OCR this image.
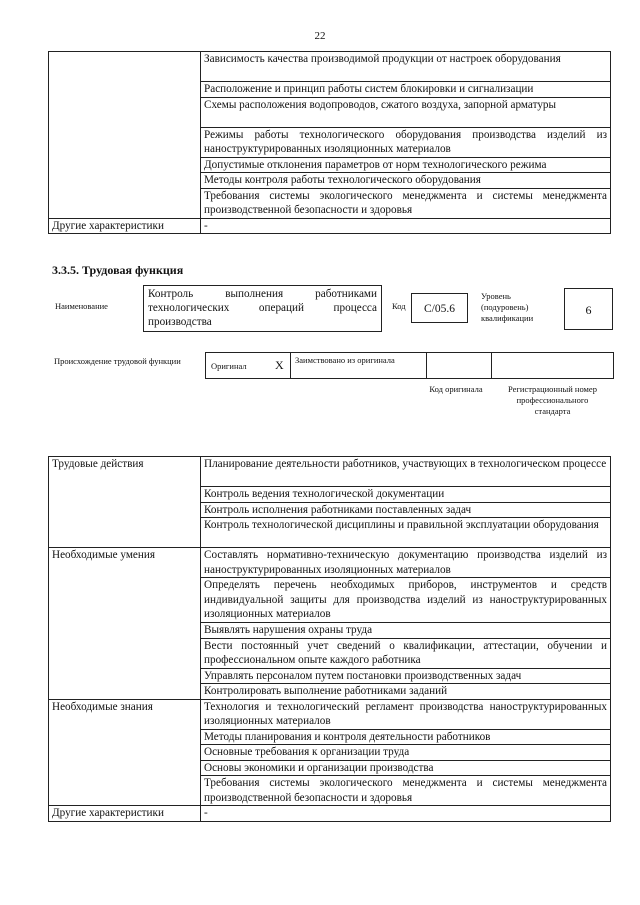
22
	Зависимость качества производимой продукции от настроек оборудования
	Расположение и принцип работы систем блокировки и сигнализации
	Схемы расположения водопроводов, сжатого воздуха, запорной арматуры
	Режимы работы технологического оборудования производства изделий из наноструктурированных изоляционных материалов
	Допустимые отклонения параметров от норм технологического режима
	Методы контроля работы технологического оборудования
	Требования системы экологического менеджмента и системы менеджмента производственной безопасности и здоровья
Другие характеристики	-
3.3.5. Трудовая функция
Наименование
Контроль выполнения работниками технологических операций процесса производства
Код	C/05.6
Уровень (подуровень) квалификации
6
Происхождение трудовой функции	Оригинал X Заимствовано из оригинала
Код оригинала	Регистрационный номер профессионального стандарта
Трудовые действия	Планирование деятельности работников, участвующих в технологическом процессе
	Контроль ведения технологической документации
	Контроль исполнения работниками поставленных задач
	Контроль технологической дисциплины и правильной эксплуатации оборудования
Необходимые умения	Составлять нормативно-техническую документацию производства изделий из наноструктурированных изоляционных материалов
	Определять перечень необходимых приборов, инструментов и средств индивидуальной защиты для производства изделий из наноструктурированных изоляционных материалов
	Выявлять нарушения охраны труда
	Вести постоянный учет сведений о квалификации, аттестации, обучении и профессиональном опыте каждого работника
	Управлять персоналом путем постановки производственных задач
	Контролировать выполнение работниками заданий
Необходимые знания	Технология и технологический регламент производства наноструктурированных изоляционных материалов
	Методы планирования и контроля деятельности работников
	Основные требования к организации труда
	Основы экономики и организации производства
	Требования системы экологического менеджмента и системы менеджмента производственной безопасности и здоровья
Другие характеристики	-
